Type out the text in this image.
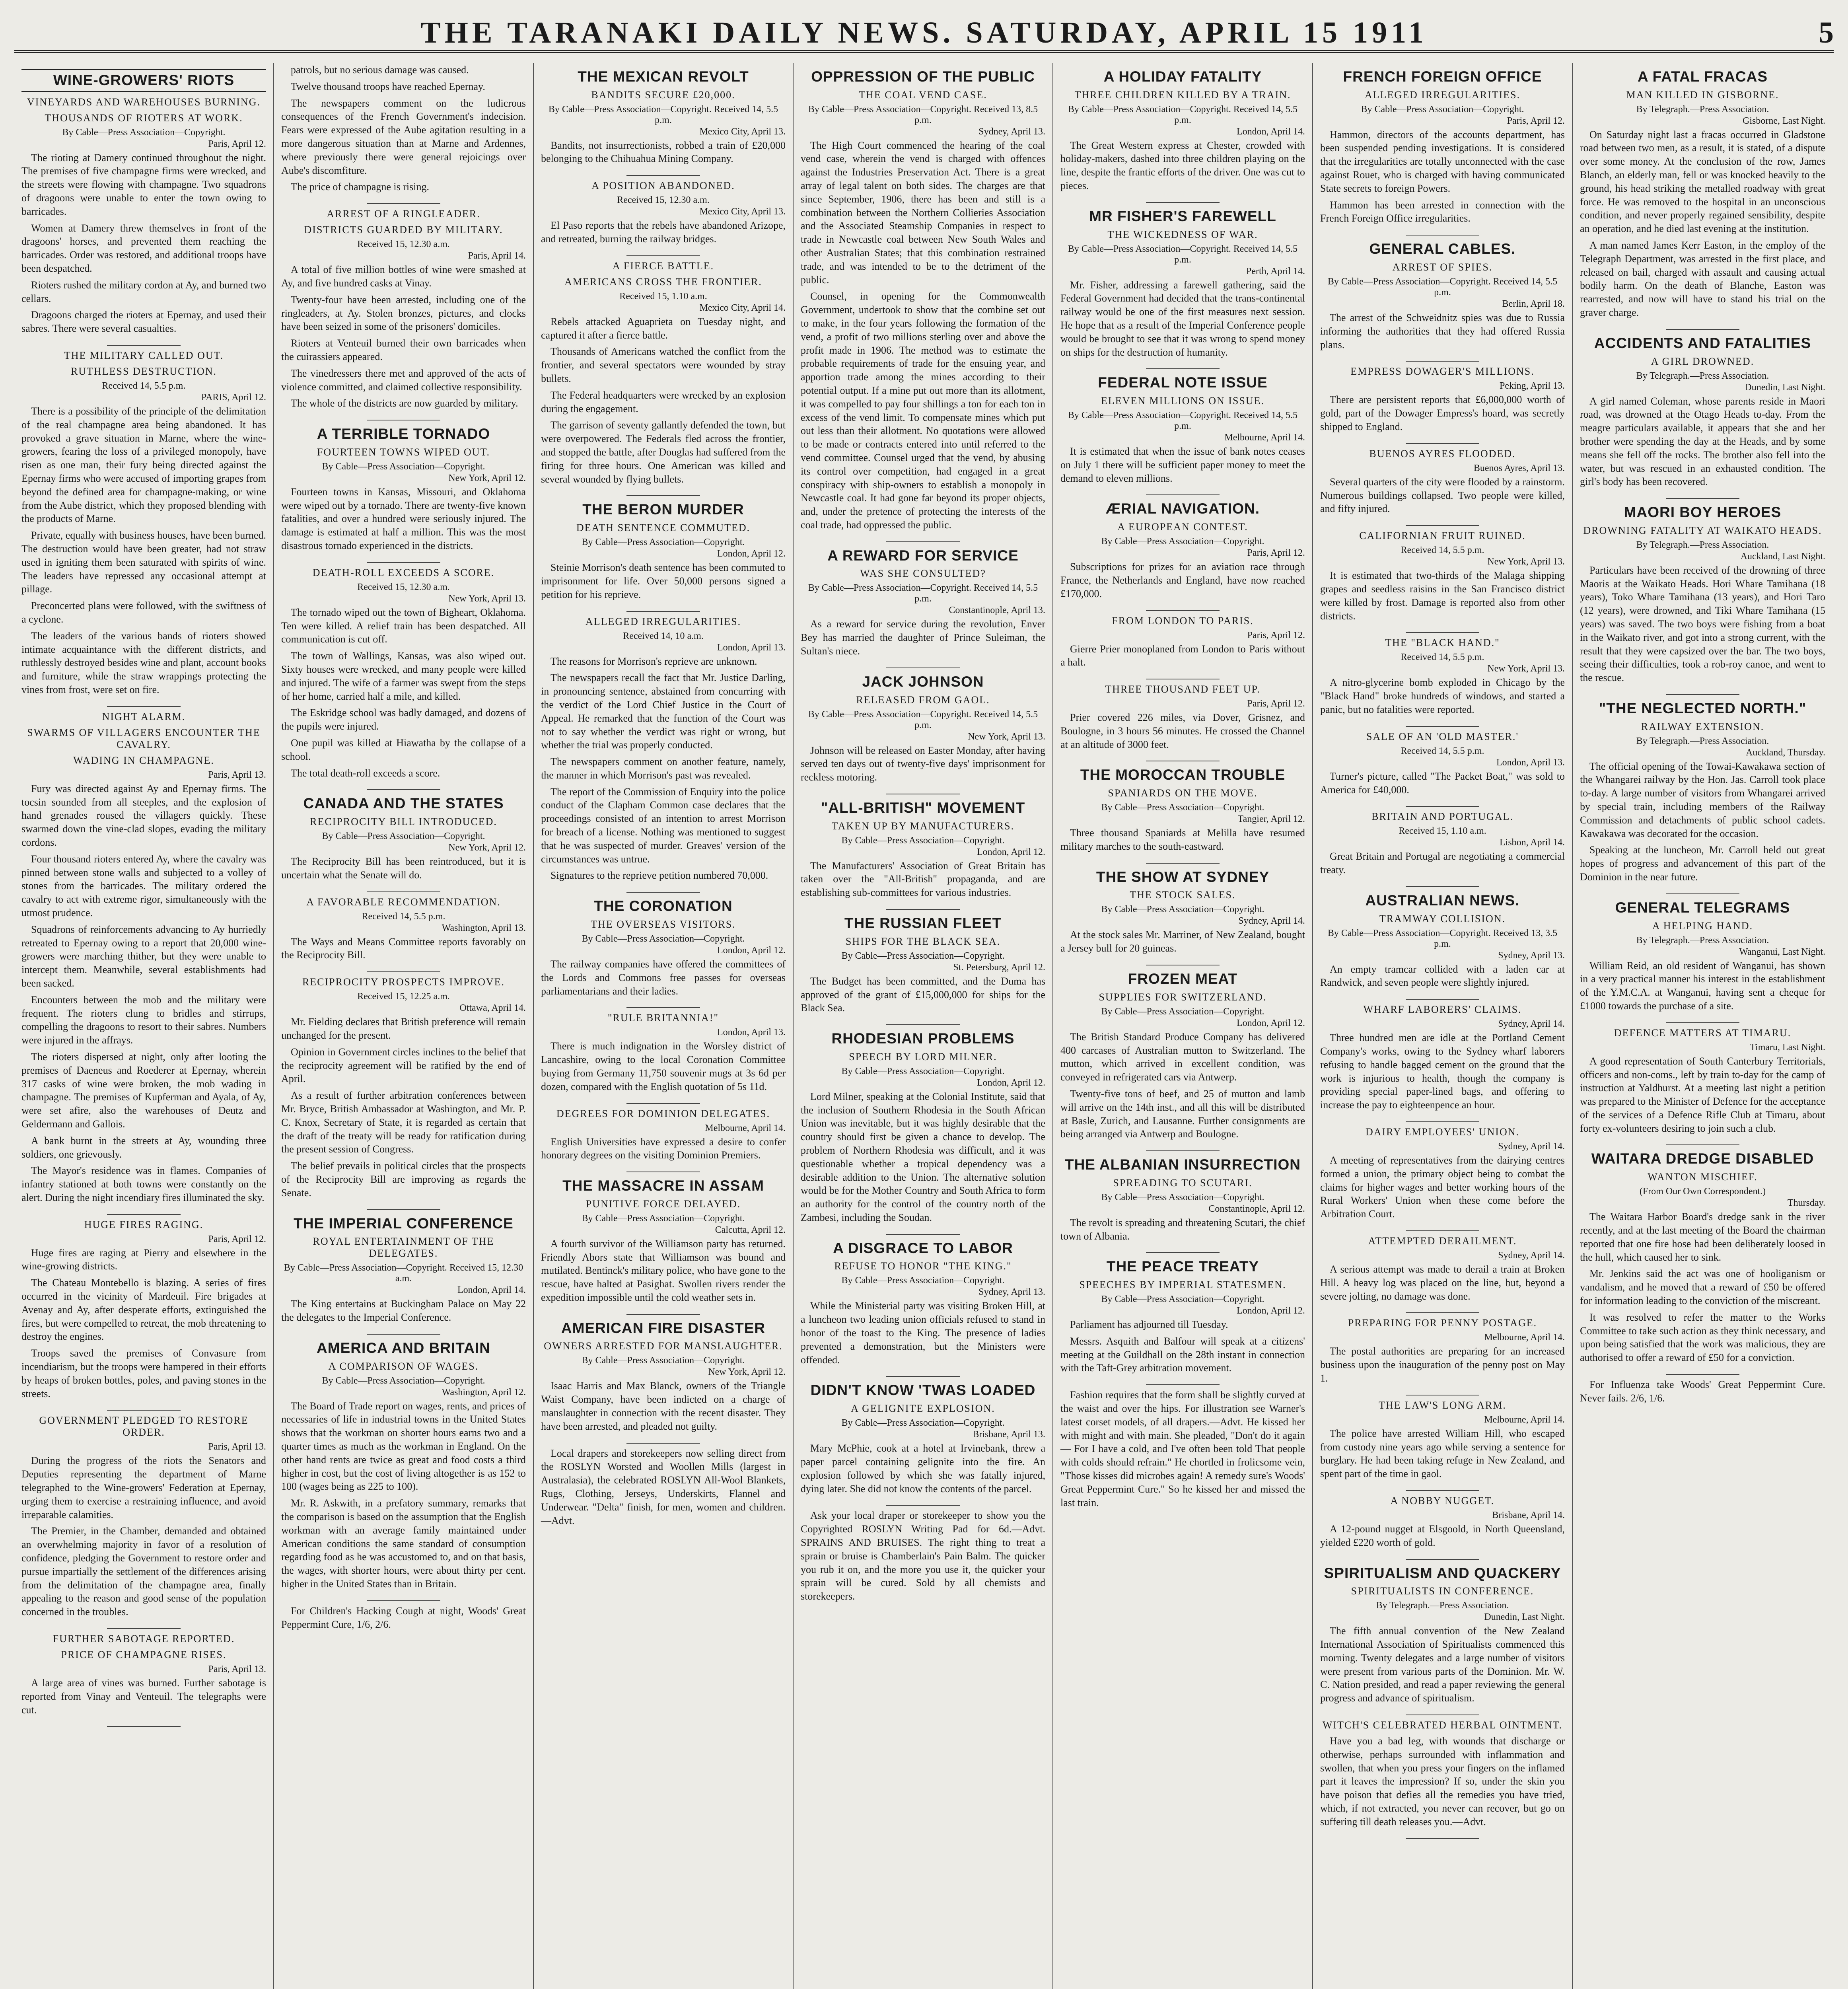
THE TARANAKI DAILY NEWS. SATURDAY, APRIL 15 1911	5
WINE-GROWERS' RIOTS
VINEYARDS AND WAREHOUSES BURNING.
THOUSANDS OF RIOTERS AT WORK.
By Cable—Press Association—Copyright.
Paris, April 12.

The rioting at Damery continued throughout the night. The premises of five champagne firms were wrecked, and the streets were flowing with champagne. Two squadrons of dragoons were unable to enter the town owing to barricades.

Women at Damery threw themselves in front of the dragoons' horses, and prevented them reaching the barricades. Order was restored, and additional troops have been despatched.

Rioters rushed the military cordon at Ay, and burned two cellars.

Dragoons charged the rioters at Epernay, and used their sabres. There were several casualties.

THE MILITARY CALLED OUT.
RUTHLESS DESTRUCTION.
Received 14, 5.5 p.m.
PARIS, April 12.

There is a possibility of the principle of the delimitation of the real champagne area being abandoned. It has provoked a grave situation in Marne, where the wine-growers, fearing the loss of a privileged monopoly, have risen as one man, their fury being directed against the Epernay firms who were accused of importing grapes from beyond the defined area for champagne-making, or wine from the Aube district, which they proposed blending with the products of Marne.

Private, equally with business houses, have been burned. The destruction would have been greater, had not straw used in igniting them been saturated with spirits of wine. The leaders have repressed any occasional attempt at pillage.

Preconcerted plans were followed, with the swiftness of a cyclone.

The leaders of the various bands of rioters showed intimate acquaintance with the different districts, and ruthlessly destroyed besides wine and plant, account books and furniture, while the straw wrappings protecting the vines from frost, were set on fire.

NIGHT ALARM.
SWARMS OF VILLAGERS ENCOUNTER THE CAVALRY.
WADING IN CHAMPAGNE.
Paris, April 13.

Fury was directed against Ay and Epernay firms. The tocsin sounded from all steeples, and the explosion of hand grenades roused the villagers quickly. These swarmed down the vine-clad slopes, evading the military cordons.

Four thousand rioters entered Ay, where the cavalry was pinned between stone walls and subjected to a volley of stones from the barricades. The military ordered the cavalry to act with extreme rigor, simultaneously with the utmost prudence.

Squadrons of reinforcements advancing to Ay hurriedly retreated to Epernay owing to a report that 20,000 wine-growers were marching thither, but they were unable to intercept them. Meanwhile, several establishments had been sacked.

Encounters between the mob and the military were frequent. The rioters clung to bridles and stirrups, compelling the dragoons to resort to their sabres. Numbers were injured in the affrays.

The rioters dispersed at night, only after looting the premises of Daeneus and Roederer at Epernay, wherein 317 casks of wine were broken, the mob wading in champagne. The premises of Kupferman and Ayala, of Ay, were set afire, also the warehouses of Deutz and Geldermann and Gallois.

A bank burnt in the streets at Ay, wounding three soldiers, one grievously.

The Mayor's residence was in flames. Companies of infantry stationed at both towns were constantly on the alert. During the night incendiary fires illuminated the sky.

HUGE FIRES RAGING.
Paris, April 12.

Huge fires are raging at Pierry and elsewhere in the wine-growing districts.

The Chateau Montebello is blazing. A series of fires occurred in the vicinity of Mardeuil. Fire brigades at Avenay and Ay, after desperate efforts, extinguished the fires, but were compelled to retreat, the mob threatening to destroy the engines.

Troops saved the premises of Convasure from incendiarism, but the troops were hampered in their efforts by heaps of broken bottles, poles, and paving stones in the streets.

GOVERNMENT PLEDGED TO RESTORE ORDER.
Paris, April 13.

During the progress of the riots the Senators and Deputies representing the department of Marne telegraphed to the Wine-growers' Federation at Epernay, urging them to exercise a restraining influence, and avoid irreparable calamities.

The Premier, in the Chamber, demanded and obtained an overwhelming majority in favor of a resolution of confidence, pledging the Government to restore order and pursue impartially the settlement of the differences arising from the delimitation of the champagne area, finally appealing to the reason and good sense of the population concerned in the troubles.

FURTHER SABOTAGE REPORTED.
PRICE OF CHAMPAGNE RISES.
Paris, April 13.

A large area of vines was burned. Further sabotage is reported from Vinay and Venteuil. The telegraphs were cut.

patrols, but no serious damage was caused.

Twelve thousand troops have reached Epernay.

The newspapers comment on the ludicrous consequences of the French Government's indecision. Fears were expressed of the Aube agitation resulting in a more dangerous situation than at Marne and Ardennes, where previously there were general rejoicings over Aube's discomfiture.

The price of champagne is rising.

ARREST OF A RINGLEADER.
DISTRICTS GUARDED BY MILITARY.
Received 15, 12.30 a.m.
Paris, April 14.

A total of five million bottles of wine were smashed at Ay, and five hundred casks at Vinay.

Twenty-four have been arrested, including one of the ringleaders, at Ay. Stolen bronzes, pictures, and clocks have been seized in some of the prisoners' domiciles.

Rioters at Venteuil burned their own barricades when the cuirassiers appeared.

The vinedressers there met and approved of the acts of violence committed, and claimed collective responsibility.

The whole of the districts are now guarded by military.

A TERRIBLE TORNADO
FOURTEEN TOWNS WIPED OUT.
By Cable—Press Association—Copyright.
New York, April 12.

Fourteen towns in Kansas, Missouri, and Oklahoma were wiped out by a tornado. There are twenty-five known fatalities, and over a hundred were seriously injured. The damage is estimated at half a million. This was the most disastrous tornado experienced in the districts.

DEATH-ROLL EXCEEDS A SCORE.
Received 15, 12.30 a.m.
New York, April 13.

The tornado wiped out the town of Bigheart, Oklahoma. Ten were killed. A relief train has been despatched. All communication is cut off.

The town of Wallings, Kansas, was also wiped out. Sixty houses were wrecked, and many people were killed and injured. The wife of a farmer was swept from the steps of her home, carried half a mile, and killed.

The Eskridge school was badly damaged, and dozens of the pupils were injured.

One pupil was killed at Hiawatha by the collapse of a school.

The total death-roll exceeds a score.

CANADA AND THE STATES
RECIPROCITY BILL INTRODUCED.
By Cable—Press Association—Copyright.
New York, April 12.

The Reciprocity Bill has been reintroduced, but it is uncertain what the Senate will do.

A FAVORABLE RECOMMENDATION.
Received 14, 5.5 p.m.
Washington, April 13.

The Ways and Means Committee reports favorably on the Reciprocity Bill.

RECIPROCITY PROSPECTS IMPROVE.
Received 15, 12.25 a.m.
Ottawa, April 14.

Mr. Fielding declares that British preference will remain unchanged for the present.

Opinion in Government circles inclines to the belief that the reciprocity agreement will be ratified by the end of April.

As a result of further arbitration conferences between Mr. Bryce, British Ambassador at Washington, and Mr. P. C. Knox, Secretary of State, it is regarded as certain that the draft of the treaty will be ready for ratification during the present session of Congress.

The belief prevails in political circles that the prospects of the Reciprocity Bill are improving as regards the Senate.

THE IMPERIAL CONFERENCE
ROYAL ENTERTAINMENT OF THE DELEGATES.
By Cable—Press Association—Copyright. Received 15, 12.30 a.m.
London, April 14.

The King entertains at Buckingham Palace on May 22 the delegates to the Imperial Conference.

AMERICA AND BRITAIN
A COMPARISON OF WAGES.
By Cable—Press Association—Copyright.
Washington, April 12.

The Board of Trade report on wages, rents, and prices of necessaries of life in industrial towns in the United States shows that the workman on shorter hours earns two and a quarter times as much as the workman in England. On the other hand rents are twice as great and food costs a third higher in cost, but the cost of living altogether is as 152 to 100 (wages being as 225 to 100).

Mr. R. Askwith, in a prefatory summary, remarks that the comparison is based on the assumption that the English workman with an average family maintained under American conditions the same standard of consumption regarding food as he was accustomed to, and on that basis, the wages, with shorter hours, were about thirty per cent. higher in the United States than in Britain.

For Children's Hacking Cough at night, Woods' Great Peppermint Cure, 1/6, 2/6.

THE MEXICAN REVOLT
BANDITS SECURE £20,000.
By Cable—Press Association—Copyright. Received 14, 5.5 p.m.
Mexico City, April 13.

Bandits, not insurrectionists, robbed a train of £20,000 belonging to the Chihuahua Mining Company.

A POSITION ABANDONED.
Received 15, 12.30 a.m.
Mexico City, April 13.

El Paso reports that the rebels have abandoned Arizope, and retreated, burning the railway bridges.

A FIERCE BATTLE.
AMERICANS CROSS THE FRONTIER.
Received 15, 1.10 a.m.
Mexico City, April 14.

Rebels attacked Aguaprieta on Tuesday night, and captured it after a fierce battle.

Thousands of Americans watched the conflict from the frontier, and several spectators were wounded by stray bullets.

The Federal headquarters were wrecked by an explosion during the engagement.

The garrison of seventy gallantly defended the town, but were overpowered. The Federals fled across the frontier, and stopped the battle, after Douglas had suffered from the firing for three hours. One American was killed and several wounded by flying bullets.

THE BERON MURDER
DEATH SENTENCE COMMUTED.
By Cable—Press Association—Copyright.
London, April 12.

Steinie Morrison's death sentence has been commuted to imprisonment for life. Over 50,000 persons signed a petition for his reprieve.

ALLEGED IRREGULARITIES.
Received 14, 10 a.m.
London, April 13.

The reasons for Morrison's reprieve are unknown.

The newspapers recall the fact that Mr. Justice Darling, in pronouncing sentence, abstained from concurring with the verdict of the Lord Chief Justice in the Court of Appeal. He remarked that the function of the Court was not to say whether the verdict was right or wrong, but whether the trial was properly conducted.

The newspapers comment on another feature, namely, the manner in which Morrison's past was revealed.

The report of the Commission of Enquiry into the police conduct of the Clapham Common case declares that the proceedings consisted of an intention to arrest Morrison for breach of a license. Nothing was mentioned to suggest that he was suspected of murder. Greaves' version of the circumstances was untrue.

Signatures to the reprieve petition numbered 70,000.

THE CORONATION
THE OVERSEAS VISITORS.
By Cable—Press Association—Copyright.
London, April 12.

The railway companies have offered the committees of the Lords and Commons free passes for overseas parliamentarians and their ladies.

"RULE BRITANNIA!"
London, April 13.

There is much indignation in the Worsley district of Lancashire, owing to the local Coronation Committee buying from Germany 11,750 souvenir mugs at 3s 6d per dozen, compared with the English quotation of 5s 11d.

DEGREES FOR DOMINION DELEGATES.
Melbourne, April 14.

English Universities have expressed a desire to confer honorary degrees on the visiting Dominion Premiers.

THE MASSACRE IN ASSAM
PUNITIVE FORCE DELAYED.
By Cable—Press Association—Copyright.
Calcutta, April 12.

A fourth survivor of the Williamson party has returned. Friendly Abors state that Williamson was bound and mutilated. Bentinck's military police, who have gone to the rescue, have halted at Pasighat. Swollen rivers render the expedition impossible until the cold weather sets in.

AMERICAN FIRE DISASTER
OWNERS ARRESTED FOR MANSLAUGHTER.
By Cable—Press Association—Copyright.
New York, April 12.

Isaac Harris and Max Blanck, owners of the Triangle Waist Company, have been indicted on a charge of manslaughter in connection with the recent disaster. They have been arrested, and pleaded not guilty.

Local drapers and storekeepers now selling direct from the ROSLYN Worsted and Woollen Mills (largest in Australasia), the celebrated ROSLYN All-Wool Blankets, Rugs, Clothing, Jerseys, Underskirts, Flannel and Underwear. "Delta" finish, for men, women and children.—Advt.

OPPRESSION OF THE PUBLIC
THE COAL VEND CASE.
By Cable—Press Association—Copyright. Received 13, 8.5 p.m.
Sydney, April 13.

The High Court commenced the hearing of the coal vend case, wherein the vend is charged with offences against the Industries Preservation Act. There is a great array of legal talent on both sides. The charges are that since September, 1906, there has been and still is a combination between the Northern Collieries Association and the Associated Steamship Companies in respect to trade in Newcastle coal between New South Wales and other Australian States; that this combination restrained trade, and was intended to be to the detriment of the public.

Counsel, in opening for the Commonwealth Government, undertook to show that the combine set out to make, in the four years following the formation of the vend, a profit of two millions sterling over and above the profit made in 1906. The method was to estimate the probable requirements of trade for the ensuing year, and apportion trade among the mines according to their potential output. If a mine put out more than its allotment, it was compelled to pay four shillings a ton for each ton in excess of the vend limit. To compensate mines which put out less than their allotment. No quotations were allowed to be made or contracts entered into until referred to the vend committee. Counsel urged that the vend, by abusing its control over competition, had engaged in a great conspiracy with ship-owners to establish a monopoly in Newcastle coal. It had gone far beyond its proper objects, and, under the pretence of protecting the interests of the coal trade, had oppressed the public.

A REWARD FOR SERVICE
WAS SHE CONSULTED?
By Cable—Press Association—Copyright. Received 14, 5.5 p.m.
Constantinople, April 13.

As a reward for service during the revolution, Enver Bey has married the daughter of Prince Suleiman, the Sultan's niece.

JACK JOHNSON
RELEASED FROM GAOL.
By Cable—Press Association—Copyright. Received 14, 5.5 p.m.
New York, April 13.

Johnson will be released on Easter Monday, after having served ten days out of twenty-five days' imprisonment for reckless motoring.

"ALL-BRITISH" MOVEMENT
TAKEN UP BY MANUFACTURERS.
By Cable—Press Association—Copyright.
London, April 12.

The Manufacturers' Association of Great Britain has taken over the "All-British" propaganda, and are establishing sub-committees for various industries.

THE RUSSIAN FLEET
SHIPS FOR THE BLACK SEA.
By Cable—Press Association—Copyright.
St. Petersburg, April 12.

The Budget has been committed, and the Duma has approved of the grant of £15,000,000 for ships for the Black Sea.

RHODESIAN PROBLEMS
SPEECH BY LORD MILNER.
By Cable—Press Association—Copyright.
London, April 12.

Lord Milner, speaking at the Colonial Institute, said that the inclusion of Southern Rhodesia in the South African Union was inevitable, but it was highly desirable that the country should first be given a chance to develop. The problem of Northern Rhodesia was difficult, and it was questionable whether a tropical dependency was a desirable addition to the Union. The alternative solution would be for the Mother Country and South Africa to form an authority for the control of the country north of the Zambesi, including the Soudan.

A DISGRACE TO LABOR
REFUSE TO HONOR "THE KING."
By Cable—Press Association—Copyright.
Sydney, April 13.

While the Ministerial party was visiting Broken Hill, at a luncheon two leading union officials refused to stand in honor of the toast to the King. The presence of ladies prevented a demonstration, but the Ministers were offended.

DIDN'T KNOW 'TWAS LOADED
A GELIGNITE EXPLOSION.
By Cable—Press Association—Copyright.
Brisbane, April 13.

Mary McPhie, cook at a hotel at Irvinebank, threw a paper parcel containing gelignite into the fire. An explosion followed by which she was fatally injured, dying later. She did not know the contents of the parcel.

Ask your local draper or storekeeper to show you the Copyrighted ROSLYN Writing Pad for 6d.—Advt. SPRAINS AND BRUISES. The right thing to treat a sprain or bruise is Chamberlain's Pain Balm. The quicker you rub it on, and the more you use it, the quicker your sprain will be cured. Sold by all chemists and storekeepers.

A HOLIDAY FATALITY
THREE CHILDREN KILLED BY A TRAIN.
By Cable—Press Association—Copyright. Received 14, 5.5 p.m.
London, April 14.

The Great Western express at Chester, crowded with holiday-makers, dashed into three children playing on the line, despite the frantic efforts of the driver. One was cut to pieces.

MR FISHER'S FAREWELL
THE WICKEDNESS OF WAR.
By Cable—Press Association—Copyright. Received 14, 5.5 p.m.
Perth, April 14.

Mr. Fisher, addressing a farewell gathering, said the Federal Government had decided that the trans-continental railway would be one of the first measures next session. He hope that as a result of the Imperial Conference people would be brought to see that it was wrong to spend money on ships for the destruction of humanity.

FEDERAL NOTE ISSUE
ELEVEN MILLIONS ON ISSUE.
By Cable—Press Association—Copyright. Received 14, 5.5 p.m.
Melbourne, April 14.

It is estimated that when the issue of bank notes ceases on July 1 there will be sufficient paper money to meet the demand to eleven millions.

ÆRIAL NAVIGATION.
A EUROPEAN CONTEST.
By Cable—Press Association—Copyright.
Paris, April 12.

Subscriptions for prizes for an aviation race through France, the Netherlands and England, have now reached £170,000.

FROM LONDON TO PARIS.
Paris, April 12.

Gierre Prier monoplaned from London to Paris without a halt.

THREE THOUSAND FEET UP.
Paris, April 12.

Prier covered 226 miles, via Dover, Grisnez, and Boulogne, in 3 hours 56 minutes. He crossed the Channel at an altitude of 3000 feet.

THE MOROCCAN TROUBLE
SPANIARDS ON THE MOVE.
By Cable—Press Association—Copyright.
Tangier, April 12.

Three thousand Spaniards at Melilla have resumed military marches to the south-eastward.

THE SHOW AT SYDNEY
THE STOCK SALES.
By Cable—Press Association—Copyright.
Sydney, April 14.

At the stock sales Mr. Marriner, of New Zealand, bought a Jersey bull for 20 guineas.

FROZEN MEAT
SUPPLIES FOR SWITZERLAND.
By Cable—Press Association—Copyright.
London, April 12.

The British Standard Produce Company has delivered 400 carcases of Australian mutton to Switzerland. The mutton, which arrived in excellent condition, was conveyed in refrigerated cars via Antwerp.

Twenty-five tons of beef, and 25 of mutton and lamb will arrive on the 14th inst., and all this will be distributed at Basle, Zurich, and Lausanne. Further consignments are being arranged via Antwerp and Boulogne.

THE ALBANIAN INSURRECTION
SPREADING TO SCUTARI.
By Cable—Press Association—Copyright.
Constantinople, April 12.

The revolt is spreading and threatening Scutari, the chief town of Albania.

THE PEACE TREATY
SPEECHES BY IMPERIAL STATESMEN.
By Cable—Press Association—Copyright.
London, April 12.

Parliament has adjourned till Tuesday.

Messrs. Asquith and Balfour will speak at a citizens' meeting at the Guildhall on the 28th instant in connection with the Taft-Grey arbitration movement.

Fashion requires that the form shall be slightly curved at the waist and over the hips. For illustration see Warner's latest corset models, of all drapers.—Advt. He kissed her with might and with main. She pleaded, "Don't do it again— For I have a cold, and I've often been told That people with colds should refrain." He chortled in frolicsome vein, "Those kisses did microbes again! A remedy sure's Woods' Great Peppermint Cure." So he kissed her and missed the last train.

FRENCH FOREIGN OFFICE
ALLEGED IRREGULARITIES.
By Cable—Press Association—Copyright.
Paris, April 12.

Hammon, directors of the accounts department, has been suspended pending investigations. It is considered that the irregularities are totally unconnected with the case against Rouet, who is charged with having communicated State secrets to foreign Powers.

Hammon has been arrested in connection with the French Foreign Office irregularities.

GENERAL CABLES.
ARREST OF SPIES.
By Cable—Press Association—Copyright. Received 14, 5.5 p.m.
Berlin, April 18.

The arrest of the Schweidnitz spies was due to Russia informing the authorities that they had offered Russia plans.

EMPRESS DOWAGER'S MILLIONS.
Peking, April 13.

There are persistent reports that £6,000,000 worth of gold, part of the Dowager Empress's hoard, was secretly shipped to England.

BUENOS AYRES FLOODED.
Buenos Ayres, April 13.

Several quarters of the city were flooded by a rainstorm. Numerous buildings collapsed. Two people were killed, and fifty injured.

CALIFORNIAN FRUIT RUINED.
Received 14, 5.5 p.m.
New York, April 13.

It is estimated that two-thirds of the Malaga shipping grapes and seedless raisins in the San Francisco district were killed by frost. Damage is reported also from other districts.

THE "BLACK HAND."
Received 14, 5.5 p.m.
New York, April 13.

A nitro-glycerine bomb exploded in Chicago by the "Black Hand" broke hundreds of windows, and started a panic, but no fatalities were reported.

SALE OF AN 'OLD MASTER.'
Received 14, 5.5 p.m.
London, April 13.

Turner's picture, called "The Packet Boat," was sold to America for £40,000.

BRITAIN AND PORTUGAL.
Received 15, 1.10 a.m.
Lisbon, April 14.

Great Britain and Portugal are negotiating a commercial treaty.

AUSTRALIAN NEWS.
TRAMWAY COLLISION.
By Cable—Press Association—Copyright. Received 13, 3.5 p.m.
Sydney, April 13.

An empty tramcar collided with a laden car at Randwick, and seven people were slightly injured.

WHARF LABORERS' CLAIMS.
Sydney, April 14.

Three hundred men are idle at the Portland Cement Company's works, owing to the Sydney wharf laborers refusing to handle bagged cement on the ground that the work is injurious to health, though the company is providing special paper-lined bags, and offering to increase the pay to eighteenpence an hour.

DAIRY EMPLOYEES' UNION.
Sydney, April 14.

A meeting of representatives from the dairying centres formed a union, the primary object being to combat the claims for higher wages and better working hours of the Rural Workers' Union when these come before the Arbitration Court.

ATTEMPTED DERAILMENT.
Sydney, April 14.

A serious attempt was made to derail a train at Broken Hill. A heavy log was placed on the line, but, beyond a severe jolting, no damage was done.

PREPARING FOR PENNY POSTAGE.
Melbourne, April 14.

The postal authorities are preparing for an increased business upon the inauguration of the penny post on May 1.

THE LAW'S LONG ARM.
Melbourne, April 14.

The police have arrested William Hill, who escaped from custody nine years ago while serving a sentence for burglary. He had been taking refuge in New Zealand, and spent part of the time in gaol.

A NOBBY NUGGET.
Brisbane, April 14.

A 12-pound nugget at Elsgoold, in North Queensland, yielded £220 worth of gold.

SPIRITUALISM AND QUACKERY
SPIRITUALISTS IN CONFERENCE.
By Telegraph.—Press Association.
Dunedin, Last Night.

The fifth annual convention of the New Zealand International Association of Spiritualists commenced this morning. Twenty delegates and a large number of visitors were present from various parts of the Dominion. Mr. W. C. Nation presided, and read a paper reviewing the general progress and advance of spiritualism.

WITCH'S CELEBRATED HERBAL OINTMENT.

Have you a bad leg, with wounds that discharge or otherwise, perhaps surrounded with inflammation and swollen, that when you press your fingers on the inflamed part it leaves the impression? If so, under the skin you have poison that defies all the remedies you have tried, which, if not extracted, you never can recover, but go on suffering till death releases you.—Advt.

A FATAL FRACAS
MAN KILLED IN GISBORNE.
By Telegraph.—Press Association.
Gisborne, Last Night.

On Saturday night last a fracas occurred in Gladstone road between two men, as a result, it is stated, of a dispute over some money. At the conclusion of the row, James Blanch, an elderly man, fell or was knocked heavily to the ground, his head striking the metalled roadway with great force. He was removed to the hospital in an unconscious condition, and never properly regained sensibility, despite an operation, and he died last evening at the institution.

A man named James Kerr Easton, in the employ of the Telegraph Department, was arrested in the first place, and released on bail, charged with assault and causing actual bodily harm. On the death of Blanche, Easton was rearrested, and now will have to stand his trial on the graver charge.

ACCIDENTS AND FATALITIES
A GIRL DROWNED.
By Telegraph.—Press Association.
Dunedin, Last Night.

A girl named Coleman, whose parents reside in Maori road, was drowned at the Otago Heads to-day. From the meagre particulars available, it appears that she and her brother were spending the day at the Heads, and by some means she fell off the rocks. The brother also fell into the water, but was rescued in an exhausted condition. The girl's body has been recovered.

MAORI BOY HEROES
DROWNING FATALITY AT WAIKATO HEADS.
By Telegraph.—Press Association.
Auckland, Last Night.

Particulars have been received of the drowning of three Maoris at the Waikato Heads. Hori Whare Tamihana (18 years), Toko Whare Tamihana (13 years), and Hori Taro (12 years), were drowned, and Tiki Whare Tamihana (15 years) was saved. The two boys were fishing from a boat in the Waikato river, and got into a strong current, with the result that they were capsized over the bar. The two boys, seeing their difficulties, took a rob-roy canoe, and went to the rescue.

"THE NEGLECTED NORTH."
RAILWAY EXTENSION.
By Telegraph.—Press Association.
Auckland, Thursday.

The official opening of the Towai-Kawakawa section of the Whangarei railway by the Hon. Jas. Carroll took place to-day. A large number of visitors from Whangarei arrived by special train, including members of the Railway Commission and detachments of public school cadets. Kawakawa was decorated for the occasion.

Speaking at the luncheon, Mr. Carroll held out great hopes of progress and advancement of this part of the Dominion in the near future.

GENERAL TELEGRAMS
A HELPING HAND.
By Telegraph.—Press Association.
Wanganui, Last Night.

William Reid, an old resident of Wanganui, has shown in a very practical manner his interest in the establishment of the Y.M.C.A. at Wanganui, having sent a cheque for £1000 towards the purchase of a site.

DEFENCE MATTERS AT TIMARU.
Timaru, Last Night.

A good representation of South Canterbury Territorials, officers and non-coms., left by train to-day for the camp of instruction at Yaldhurst. At a meeting last night a petition was prepared to the Minister of Defence for the acceptance of the services of a Defence Rifle Club at Timaru, about forty ex-volunteers desiring to join such a club.

WAITARA DREDGE DISABLED
WANTON MISCHIEF.
(From Our Own Correspondent.)
Thursday.

The Waitara Harbor Board's dredge sank in the river recently, and at the last meeting of the Board the chairman reported that one fire hose had been deliberately loosed in the hull, which caused her to sink.

Mr. Jenkins said the act was one of hooliganism or vandalism, and he moved that a reward of £50 be offered for information leading to the conviction of the miscreant.

It was resolved to refer the matter to the Works Committee to take such action as they think necessary, and upon being satisfied that the work was malicious, they are authorised to offer a reward of £50 for a conviction.

For Influenza take Woods' Great Peppermint Cure. Never fails. 2/6, 1/6.
